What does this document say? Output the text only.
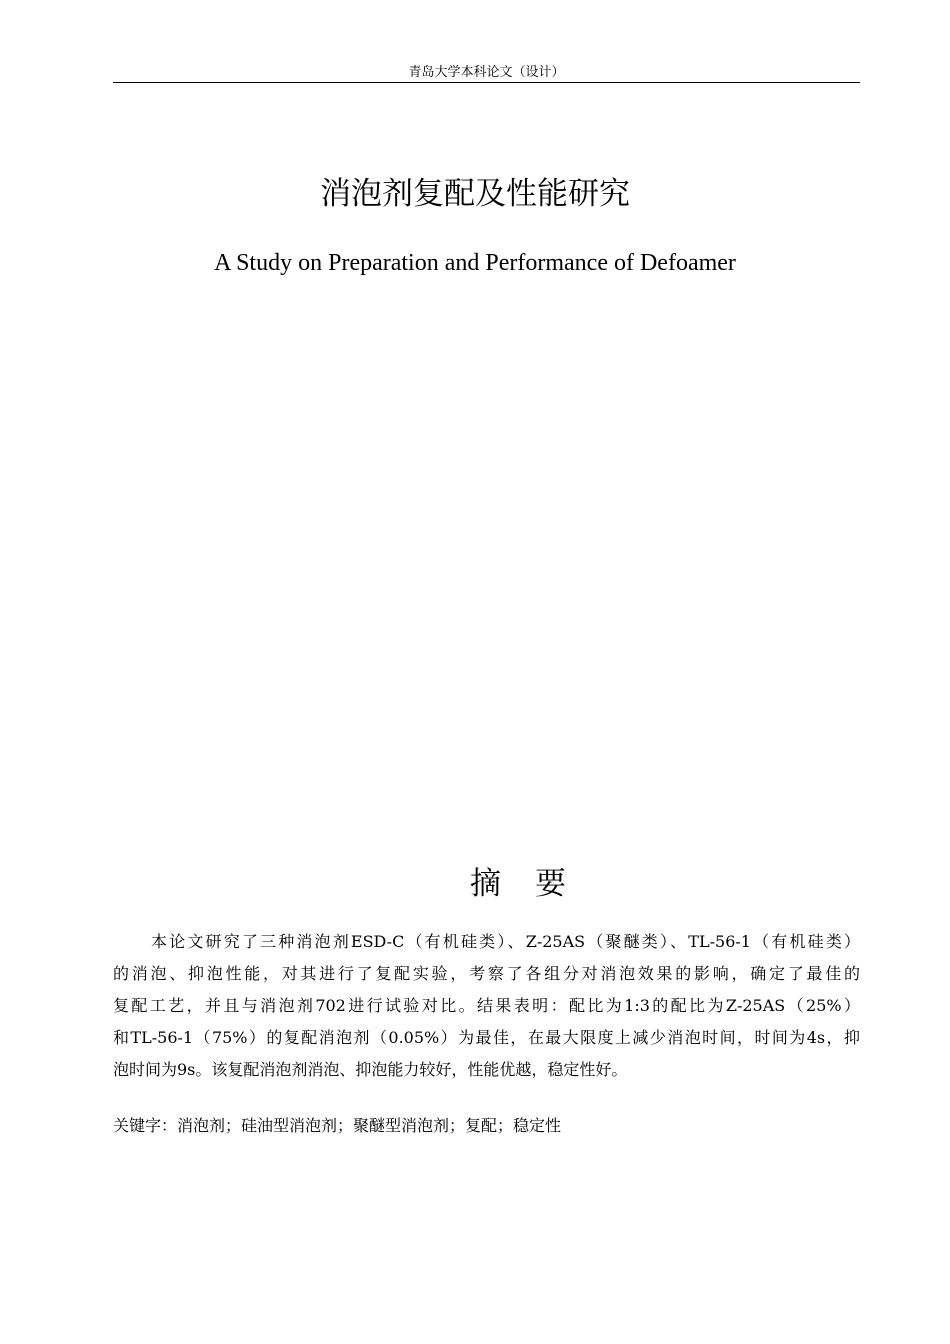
青岛大学本科论文（设计）
消泡剂复配及性能研究
A Study on Preparation and Performance of Defoamer
摘要
本论文研究了三种消泡剂ESD-C（有机硅类）、Z-25AS（聚醚类）、TL-56-1（有机硅类）
的消泡、抑泡性能，对其进行了复配实验，考察了各组分对消泡效果的影响，确定了最佳的
复配工艺，并且与消泡剂702进行试验对比。结果表明：配比为1:3的配比为Z-25AS（25%）
和TL-56-1（75%）的复配消泡剂（0.05%）为最佳，在最大限度上减少消泡时间，时间为4s，抑
泡时间为9s。该复配消泡剂消泡、抑泡能力较好，性能优越，稳定性好。
关键字：消泡剂；硅油型消泡剂；聚醚型消泡剂；复配；稳定性
